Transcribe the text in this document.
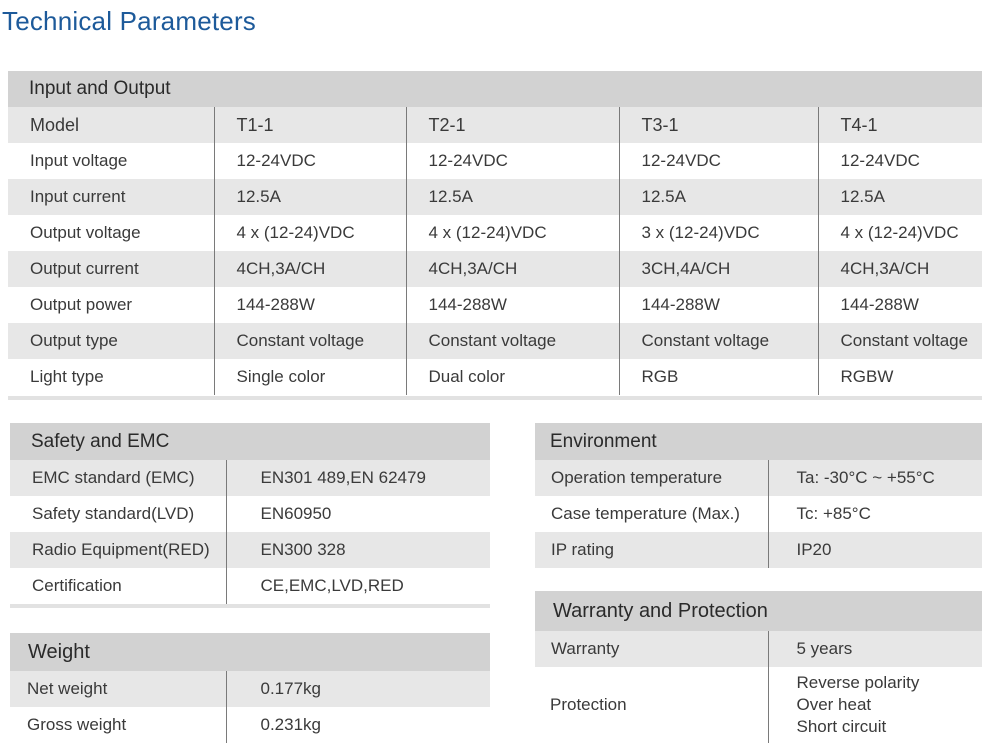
Technical Parameters
Input and Output				
Model	T1-1	T2-1	T3-1	T4-1
Input voltage	12-24VDC	12-24VDC	12-24VDC	12-24VDC
Input current	12.5A	12.5A	12.5A	12.5A
Output voltage	4 x (12-24)VDC	4 x (12-24)VDC	3 x (12-24)VDC	4 x (12-24)VDC
Output current	4CH,3A/CH	4CH,3A/CH	3CH,4A/CH	4CH,3A/CH
Output power	144-288W	144-288W	144-288W	144-288W
Output type	Constant voltage	Constant voltage	Constant voltage	Constant voltage
Light type	Single color	Dual color	RGB	RGBW
Safety and EMC	
EMC standard (EMC)	EN301 489,EN 62479
Safety standard(LVD)	EN60950
Radio Equipment(RED)	EN300 328
Certification	CE,EMC,LVD,RED
Environment	
Operation temperature	Ta: -30°C ~ +55°C
Case temperature (Max.)	Tc: +85°C
IP rating	IP20
Weight	
Net weight	0.177kg
Gross weight	0.231kg
Warranty and Protection	
Warranty	5 years
Protection	Reverse polarity
Over heat
Short circuit
